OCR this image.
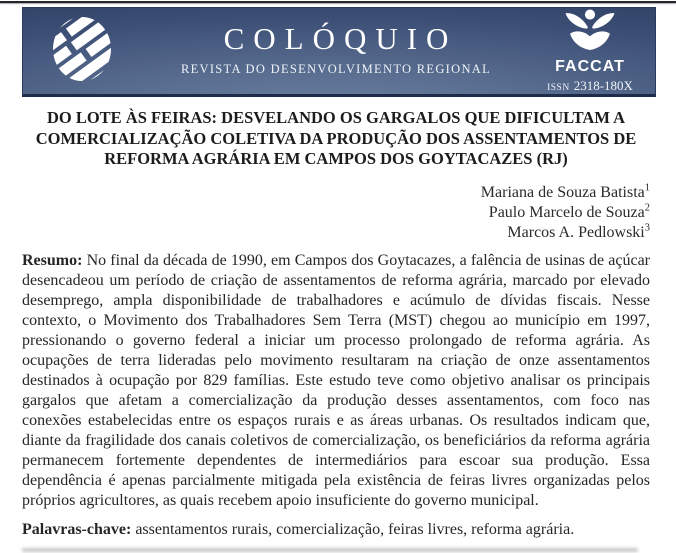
COLÓQUIO
REVISTA DO DESENVOLVIMENTO REGIONAL	FACCAT
ISSN 2318-180X
DO LOTE ÀS FEIRAS: DESVELANDO OS GARGALOS QUE DIFICULTAM A COMERCIALIZAÇÃO COLETIVA DA PRODUÇÃO DOS ASSENTAMENTOS DE REFORMA AGRÁRIA EM CAMPOS DOS GOYTACAZES (RJ)
Mariana de Souza Batista$^1$
Paulo Marcelo de Souza$^2$
Marcos A. Pedlowski$^3$

Resumo: No final da década de 1990, em Campos dos Goytacazes, a falência de usinas de açúcar desencadeou um período de criação de assentamentos de reforma agrária, marcado por elevado desemprego, ampla disponibilidade de trabalhadores e acúmulo de dívidas fiscais. Nesse contexto, o Movimento dos Trabalhadores Sem Terra (MST) chegou ao município em 1997, pressionando o governo federal a iniciar um processo prolongado de reforma agrária. As ocupações de terra lideradas pelo movimento resultaram na criação de onze assentamentos destinados à ocupação por 829 famílias. Este estudo teve como objetivo analisar os principais gargalos que afetam a comercialização da produção desses assentamentos, com foco nas conexões estabelecidas entre os espaços rurais e as áreas urbanas. Os resultados indicam que, diante da fragilidade dos canais coletivos de comercialização, os beneficiários da reforma agrária permanecem fortemente dependentes de intermediários para escoar sua produção. Essa dependência é apenas parcialmente mitigada pela existência de feiras livres organizadas pelos próprios agricultores, as quais recebem apoio insuficiente do governo municipal.

Palavras-chave: assentamentos rurais, comercialização, feiras livres, reforma agrária.
